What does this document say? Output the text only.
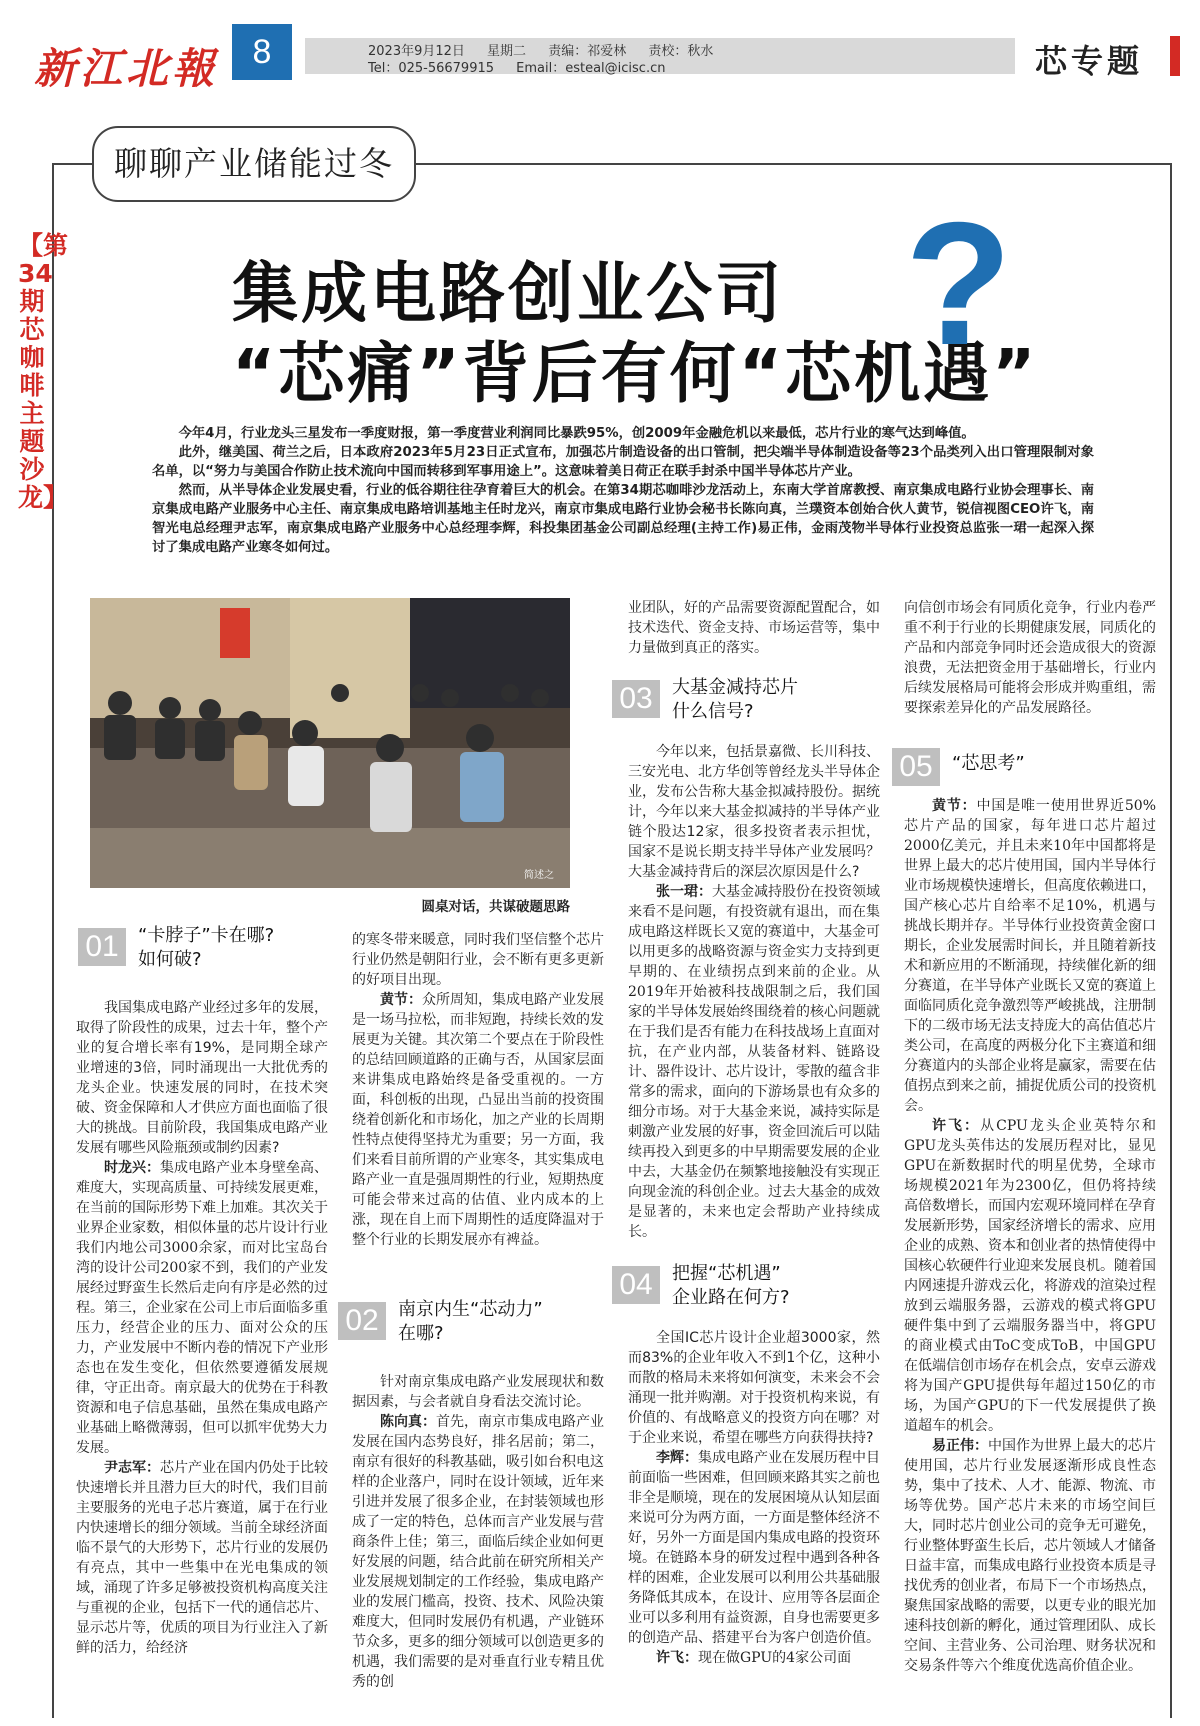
新江北報	8	2023年9月12日 星期二 责编：祁爱林 责校：秋水
Tel：025-56679915 Email：esteal@icisc.cn	芯专题
聊聊产业储能过冬
【第34期芯咖啡主题沙龙】
集成电路创业公司
“芯痛”背后有何“芯机遇”
?

今年4月，行业龙头三星发布一季度财报，第一季度营业利润同比暴跌95%，创2009年金融危机以来最低，芯片行业的寒气达到峰值。

此外，继美国、荷兰之后，日本政府2023年5月23日正式宣布，加强芯片制造设备的出口管制，把尖端半导体制造设备等23个品类列入出口管理限制对象名单，以“努力与美国合作防止技术流向中国而转移到军事用途上”。这意味着美日荷正在联手封杀中国半导体芯片产业。

然而，从半导体企业发展史看，行业的低谷期往往孕育着巨大的机会。在第34期芯咖啡沙龙活动上，东南大学首席教授、南京集成电路行业协会理事长、南京集成电路产业服务中心主任、南京集成电路培训基地主任时龙兴，南京市集成电路行业协会秘书长陈向真，兰璞资本创始合伙人黄节，锐信视图CEO许飞，南智光电总经理尹志军，南京集成电路产业服务中心总经理李辉，科投集团基金公司副总经理(主持工作)易正伟，金雨茂物半导体行业投资总监张一珺一起深入探讨了集成电路产业寒冬如何过。

简述之
圆桌对话，共谋破题思路
01	“卡脖子”卡在哪?
如何破?

我国集成电路产业经过多年的发展，取得了阶段性的成果，过去十年，整个产业的复合增长率有19%，是同期全球产业增速的3倍，同时涌现出一大批优秀的龙头企业。快速发展的同时，在技术突破、资金保障和人才供应方面也面临了很大的挑战。目前阶段，我国集成电路产业发展有哪些风险瓶颈或制约因素?

时龙兴：集成电路产业本身壁垒高、难度大，实现高质量、可持续发展更难，在当前的国际形势下难上加难。其次关于业界企业家数，相似体量的芯片设计行业我们内地公司3000余家，而对比宝岛台湾的设计公司200家不到，我们的产业发展经过野蛮生长然后走向有序是必然的过程。第三，企业家在公司上市后面临多重压力，经营企业的压力、面对公众的压力，产业发展中不断内卷的情况下产业形态也在发生变化，但依然要遵循发展规律，守正出奇。南京最大的优势在于科教资源和电子信息基础，虽然在集成电路产业基础上略微薄弱，但可以抓牢优势大力发展。

尹志军：芯片产业在国内仍处于比较快速增长并且潜力巨大的时代，我们目前主要服务的光电子芯片赛道，属于在行业内快速增长的细分领域。当前全球经济面临不景气的大形势下，芯片行业的发展仍有亮点，其中一些集中在光电集成的领域，涌现了许多足够被投资机构高度关注与重视的企业，包括下一代的通信芯片、显示芯片等，优质的项目为行业注入了新鲜的活力，给经济

的寒冬带来暖意，同时我们坚信整个芯片行业仍然是朝阳行业，会不断有更多更新的好项目出现。

黄节：众所周知，集成电路产业发展是一场马拉松，而非短跑，持续长效的发展更为关键。其次第二个要点在于阶段性的总结回顾道路的正确与否，从国家层面来讲集成电路始终是备受重视的。一方面，科创板的出现，凸显出当前的投资围绕着创新化和市场化，加之产业的长周期性特点使得坚持尤为重要；另一方面，我们来看目前所谓的产业寒冬，其实集成电路产业一直是强周期性的行业，短期热度可能会带来过高的估值、业内成本的上涨，现在自上而下周期性的适度降温对于整个行业的长期发展亦有裨益。

02	南京内生“芯动力”
在哪?

针对南京集成电路产业发展现状和数据因素，与会者就自身看法交流讨论。

陈向真：首先，南京市集成电路产业发展在国内态势良好，排名居前；第二，南京有很好的科教基础，吸引如台积电这样的企业落户，同时在设计领域，近年来引进并发展了很多企业，在封装领域也形成了一定的特色，总体而言产业发展与营商条件上佳；第三，面临后续企业如何更好发展的问题，结合此前在研究所相关产业发展规划制定的工作经验，集成电路产业的发展门槛高，投资、技术、风险决策难度大，但同时发展仍有机遇，产业链环节众多，更多的细分领域可以创造更多的机遇，我们需要的是对垂直行业专精且优秀的创

业团队，好的产品需要资源配置配合，如技术迭代、资金支持、市场运营等，集中力量做到真正的落实。

03	大基金减持芯片
什么信号?

今年以来，包括景嘉微、长川科技、三安光电、北方华创等曾经龙头半导体企业，发布公告称大基金拟减持股份。据统计，今年以来大基金拟减持的半导体产业链个股达12家，很多投资者表示担忧，国家不是说长期支持半导体产业发展吗？大基金减持背后的深层次原因是什么?

张一珺：大基金减持股份在投资领域来看不是问题，有投资就有退出，而在集成电路这样既长又宽的赛道中，大基金可以用更多的战略资源与资金实力支持到更早期的、在业绩拐点到来前的企业。从2019年开始被科技战限制之后，我们国家的半导体发展始终围绕着的核心问题就在于我们是否有能力在科技战场上直面对抗，在产业内部，从装备材料、链路设计、器件设计、芯片设计，零散的蕴含非常多的需求，面向的下游场景也有众多的细分市场。对于大基金来说，减持实际是刺激产业发展的好事，资金回流后可以陆续再投入到更多的中早期需要发展的企业中去，大基金仍在频繁地接触没有实现正向现金流的科创企业。过去大基金的成效是显著的，未来也定会帮助产业持续成长。

04	把握“芯机遇”
企业路在何方?

全国IC芯片设计企业超3000家，然而83%的企业年收入不到1个亿，这种小而散的格局未来将如何演变，未来会不会涌现一批并购潮。对于投资机构来说，有价值的、有战略意义的投资方向在哪？对于企业来说，希望在哪些方向获得扶持?

李辉：集成电路产业在发展历程中目前面临一些困难，但回顾来路其实之前也非全是顺境，现在的发展困境从认知层面来说可分为两方面，一方面是整体经济不好，另外一方面是国内集成电路的投资环境。在链路本身的研发过程中遇到各种各样的困难，企业发展可以利用公共基础服务降低其成本，在设计、应用等各层面企业可以多利用有益资源，自身也需要更多的创造产品、搭建平台为客户创造价值。

许飞：现在做GPU的4家公司面

向信创市场会有同质化竞争，行业内卷严重不利于行业的长期健康发展，同质化的产品和内部竞争同时还会造成很大的资源浪费，无法把资金用于基础增长，行业内后续发展格局可能将会形成并购重组，需要探索差异化的产品发展路径。

05	“芯思考”

黄节：中国是唯一使用世界近50%芯片产品的国家，每年进口芯片超过2000亿美元，并且未来10年中国都将是世界上最大的芯片使用国，国内半导体行业市场规模快速增长，但高度依赖进口，国产核心芯片自给率不足10%，机遇与挑战长期并存。半导体行业投资黄金窗口期长，企业发展需时间长，并且随着新技术和新应用的不断涌现，持续催化新的细分赛道，在半导体产业既长又宽的赛道上面临同质化竞争激烈等严峻挑战，注册制下的二级市场无法支持庞大的高估值芯片类公司，在高度的两极分化下主赛道和细分赛道内的头部企业将是赢家，需要在估值拐点到来之前，捕捉优质公司的投资机会。

许飞：从CPU龙头企业英特尔和GPU龙头英伟达的发展历程对比，显见GPU在新数据时代的明星优势，全球市场规模2021年为2300亿，但仍将持续高倍数增长，而国内宏观环境同样在孕育发展新形势，国家经济增长的需求、应用企业的成熟、资本和创业者的热情使得中国核心软硬件行业迎来发展良机。随着国内网速提升游戏云化，将游戏的渲染过程放到云端服务器，云游戏的模式将GPU硬件集中到了云端服务器当中，将GPU的商业模式由ToC变成ToB，中国GPU在低端信创市场存在机会点，安卓云游戏将为国产GPU提供每年超过150亿的市场，为国产GPU的下一代发展提供了换道超车的机会。

易正伟：中国作为世界上最大的芯片使用国，芯片行业发展逐渐形成良性态势，集中了技术、人才、能源、物流、市场等优势。国产芯片未来的市场空间巨大，同时芯片创业公司的竞争无可避免，行业整体野蛮生长后，芯片领域人才储备日益丰富，而集成电路行业投资本质是寻找优秀的创业者，布局下一个市场热点，聚焦国家战略的需要，以更专业的眼光加速科技创新的孵化，通过管理团队、成长空间、主营业务、公司治理、财务状况和交易条件等六个维度优选高价值企业。
